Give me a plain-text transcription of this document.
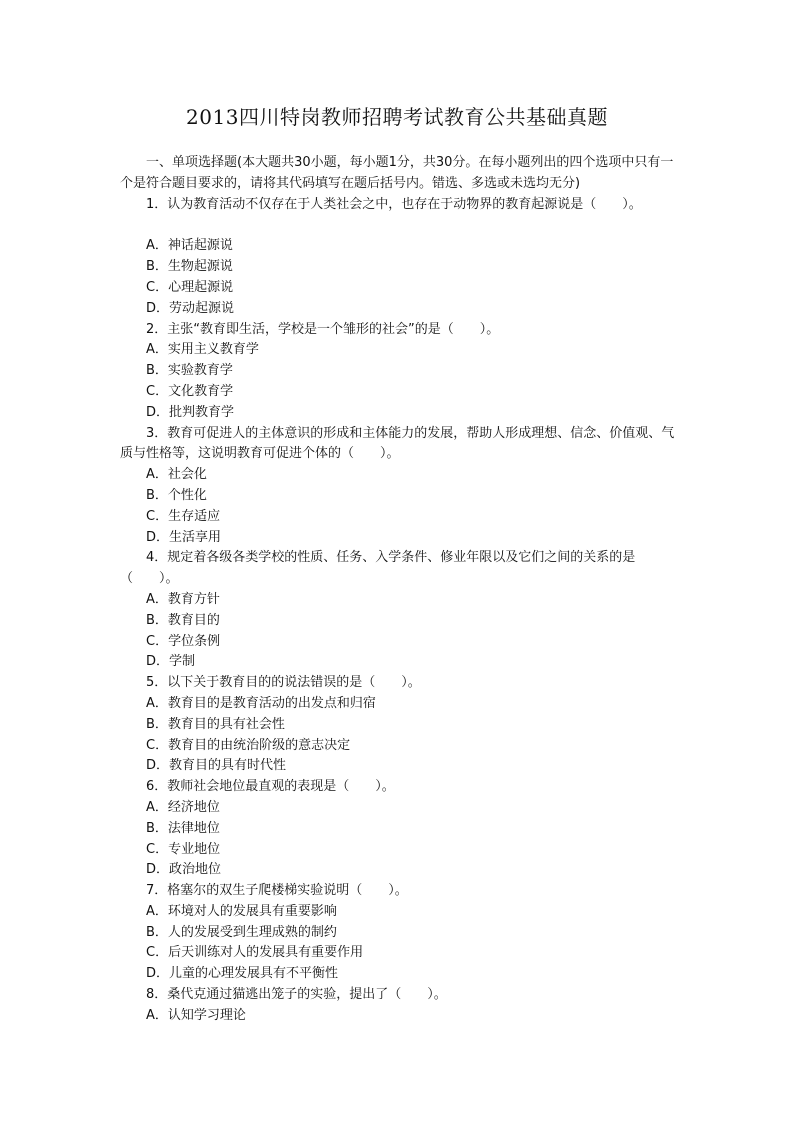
2013四川特岗教师招聘考试教育公共基础真题

一、单项选择题(本大题共30小题，每小题1分，共30分。在每小题列出的四个选项中只有一个是符合题目要求的，请将其代码填写在题后括号内。错选、多选或未选均无分)

1．认为教育活动不仅存在于人类社会之中，也存在于动物界的教育起源说是（　　）。

A．神话起源说

B．生物起源说

C．心理起源说

D．劳动起源说

2．主张“教育即生活，学校是一个雏形的社会”的是（　　）。

A．实用主义教育学

B．实验教育学

C．文化教育学

D．批判教育学

3．教育可促进人的主体意识的形成和主体能力的发展，帮助人形成理想、信念、价值观、气质与性格等，这说明教育可促进个体的（　　）。

A．社会化

B．个性化

C．生存适应

D．生活享用

4．规定着各级各类学校的性质、任务、入学条件、修业年限以及它们之间的关系的是（　　）。

A．教育方针

B．教育目的

C．学位条例

D．学制

5．以下关于教育目的的说法错误的是（　　）。

A．教育目的是教育活动的出发点和归宿

B．教育目的具有社会性

C．教育目的由统治阶级的意志决定

D．教育目的具有时代性

6．教师社会地位最直观的表现是（　　）。

A．经济地位

B．法律地位

C．专业地位

D．政治地位

7．格塞尔的双生子爬楼梯实验说明（　　）。

A．环境对人的发展具有重要影响

B．人的发展受到生理成熟的制约

C．后天训练对人的发展具有重要作用

D．儿童的心理发展具有不平衡性

8．桑代克通过猫逃出笼子的实验，提出了（　　）。

A．认知学习理论
